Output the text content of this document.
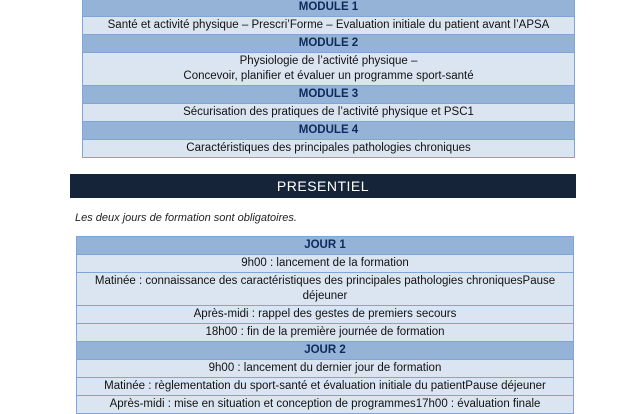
MODULE 1
Santé et activité physique – Prescri’Forme – Evaluation initiale du patient avant l’APSA
MODULE 2
Physiologie de l’activité physique –
Concevoir, planifier et évaluer un programme sport-santé
MODULE 3
Sécurisation des pratiques de l’activité physique et PSC1
MODULE 4
Caractéristiques des principales pathologies chroniques
PRESENTIEL
Les deux jours de formation sont obligatoires.
JOUR 1
9h00 : lancement de la formation
Matinée : connaissance des caractéristiques des principales pathologies chroniquesPause déjeuner
Après-midi : rappel des gestes de premiers secours
18h00 : fin de la première journée de formation
JOUR 2
9h00 : lancement du dernier jour de formation
Matinée : règlementation du sport-santé et évaluation initiale du patientPause déjeuner
Après-midi : mise en situation et conception de programmes17h00 : évaluation finale
